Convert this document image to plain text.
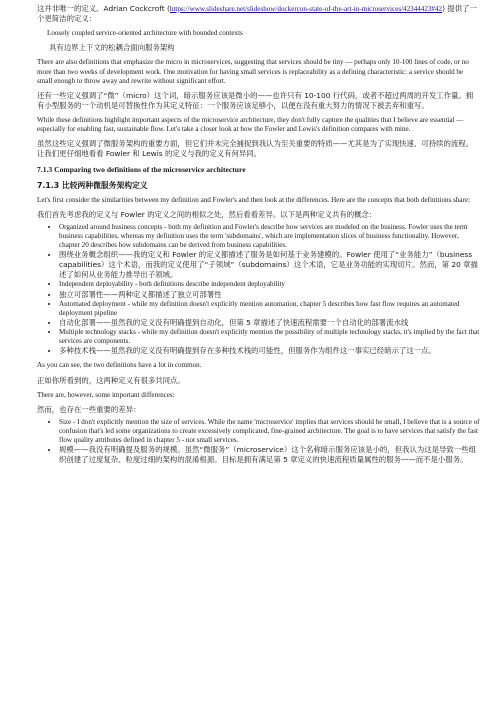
这并非唯一的定义。Adrian Cockcroft (https://www.slideshare.net/slideshow/dockercon-state-of-the-art-in-microservices/42344423#42) 提供了一个更简洁的定义：

Loosely coupled service-oriented architecture with bounded contexts

具有边界上下文的松耦合面向服务架构

There are also definitions that emphasize the micro in microservices, suggesting that services should be tiny — perhaps only 10-100 lines of code, or no more than two weeks of development work. One motivation for having small services is replaceability as a defining characteristic: a service should be small enough to throw away and rewrite without significant effort.

还有一些定义强调了“微”（micro）这个词，暗示服务应该是微小的——也许只有 10-100 行代码，或者不超过两周的开发工作量。拥有小型服务的一个动机是可替换性作为其定义特征：一个服务应该足够小，以便在没有重大努力的情况下被丢弃和重写。

While these definitions highlight important aspects of the microservice architecture, they don't fully capture the qualities that I believe are essential — especially for enabling fast, sustainable flow. Let's take a closer look at how the Fowler and Lewis's definition compares with mine.

虽然这些定义强调了微服务架构的重要方面，但它们并未完全捕捉到我认为至关重要的特质——尤其是为了实现快速、可持续的流程。让我们更仔细地看看 Fowler 和 Lewis 的定义与我的定义有何异同。

7.1.3 Comparing two definitions of the microservice architecture
7.1.3 比较两种微服务架构定义

Let's first consider the similarities between my definition and Fowler's and then look at the differences. Here are the concepts that both definitions share:

我们首先考虑我的定义与 Fowler 的定义之间的相似之处，然后看看差异。以下是两种定义共有的概念：

• Organized around business concepts - both my definition and Fowler's describe how services are modeled on the business. Fowler uses the term business capabilities, whereas my definition uses the term 'subdomains', which are implementation slices of business functionality. However, chapter 20 describes how subdomains can be derived from business capabilities.
• 围绕业务概念组织——我的定义和 Fowler 的定义都描述了服务是如何基于业务建模的。Fowler 使用了“业务能力”（business capabilities）这个术语，而我的定义使用了“子领域”（subdomains）这个术语，它是业务功能的实现切片。然而，第 20 章描述了如何从业务能力推导出子领域。
• Independent deployability - both definitions describe independent deployability
• 独立可部署性——两种定义都描述了独立可部署性
• Automated deployment - while my definition doesn't explicitly mention automation, chapter 5 describes how fast flow requires an automated deployment pipeline
• 自动化部署——虽然我的定义没有明确提到自动化，但第 5 章描述了快速流程需要一个自动化的部署流水线
• Multiple technology stacks - while my definition doesn't explicitly mention the possibility of multiple technology stacks, it's implied by the fact that services are components.
• 多种技术栈——虽然我的定义没有明确提到存在多种技术栈的可能性，但服务作为组件这一事实已经暗示了这一点。

As you can see, the two definitions have a lot in common.

正如你所看到的，这两种定义有很多共同点。

There are, however, some important differences:

然而，也存在一些重要的差异：

• Size - I don't explicitly mention the size of services. While the name 'microservice' implies that services should be small, I believe that is a source of confusion that's led some organizations to create excessively complicated, fine-grained architecture. The goal is to have services that satisfy the fast flow quality attributes defined in chapter 5 - not small services.
• 规模——我没有明确提及服务的规模。虽然“微服务”（microservice）这个名称暗示服务应该是小的，但我认为这是导致一些组织创建了过度复杂、粒度过细的架构的混淆根源。目标是拥有满足第 5 章定义的快速流程质量属性的服务——而不是小服务。
